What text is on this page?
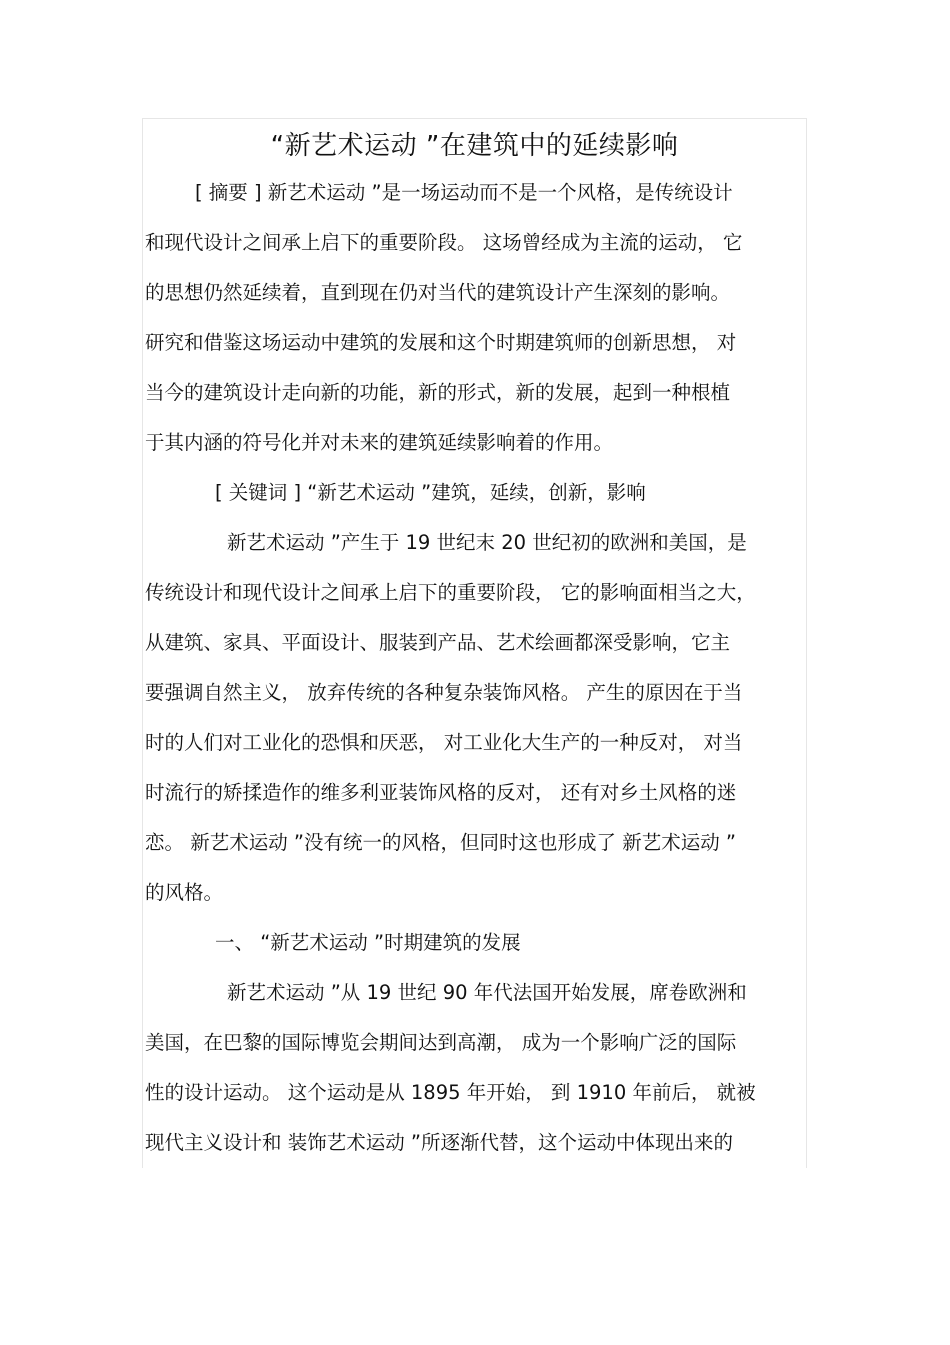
“新艺术运动 ”在建筑中的延续影响
[ 摘要 ] 新艺术运动 ”是一场运动而不是一个风格，是传统设计
和现代设计之间承上启下的重要阶段。 这场曾经成为主流的运动， 它
的思想仍然延续着，直到现在仍对当代的建筑设计产生深刻的影响。
研究和借鉴这场运动中建筑的发展和这个时期建筑师的创新思想， 对
当今的建筑设计走向新的功能，新的形式，新的发展，起到一种根植
于其内涵的符号化并对未来的建筑延续影响着的作用。
[ 关键词 ] “新艺术运动 ”建筑，延续，创新，影响
新艺术运动 ”产生于 19 世纪末 20 世纪初的欧洲和美国，是
传统设计和现代设计之间承上启下的重要阶段， 它的影响面相当之大，
从建筑、家具、平面设计、服装到产品、艺术绘画都深受影响，它主
要强调自然主义， 放弃传统的各种复杂装饰风格。 产生的原因在于当
时的人们对工业化的恐惧和厌恶， 对工业化大生产的一种反对， 对当
时流行的矫揉造作的维多利亚装饰风格的反对， 还有对乡土风格的迷
恋。 新艺术运动 ”没有统一的风格，但同时这也形成了 新艺术运动 ”
的风格。
一、 “新艺术运动 ”时期建筑的发展
新艺术运动 ”从 19 世纪 90 年代法国开始发展，席卷欧洲和
美国，在巴黎的国际博览会期间达到高潮， 成为一个影响广泛的国际
性的设计运动。 这个运动是从 1895 年开始， 到 1910 年前后， 就被
现代主义设计和 装饰艺术运动 ”所逐渐代替，这个运动中体现出来的
